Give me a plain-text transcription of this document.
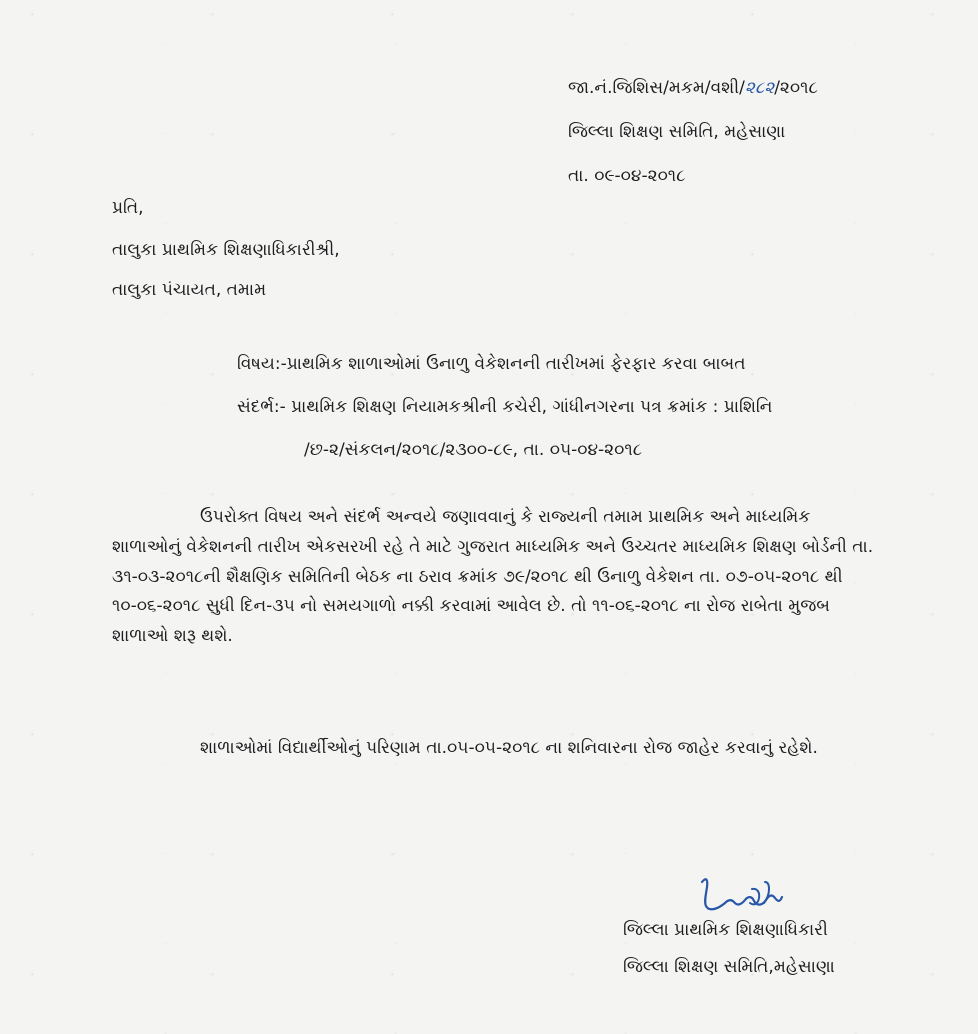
જા.નં.જિશિસ/મકમ/વશી/ ૨૮૨ /૨૦૧૮
જિલ્લા શિક્ષણ સમિતિ, મહેસાણા
તા. ૦૯-૦૪-૨૦૧૮
પ્રતિ,
તાલુકા પ્રાથમિક શિક્ષણાધિકારીશ્રી,
તાલુકા પંચાયત, તમામ
વિષય:-પ્રાથમિક શાળાઓમાં ઉનાળુ વેકેશનની તારીખમાં ફેરફાર કરવા બાબત
સંદર્ભ:- પ્રાથમિક શિક્ષણ નિયામકશ્રીની કચેરી, ગાંધીનગરના પત્ર ક્રમાંક : પ્રાશિનિ
/છ-૨/સંકલન/૨૦૧૮/૨૩૦૦-૮૯, તા. ૦૫-૦૪-૨૦૧૮
ઉપરોક્ત વિષય અને સંદર્ભ અન્વયે જણાવવાનું કે રાજ્યની તમામ પ્રાથમિક અને માધ્યમિક શાળાઓનું વેકેશનની તારીખ એકસરખી રહે તે માટે ગુજરાત માધ્યમિક અને ઉચ્ચતર માધ્યમિક શિક્ષણ બોર્ડની તા. ૩૧-૦૩-૨૦૧૮ની શૈક્ષણિક સમિતિની બેઠક ના ઠરાવ ક્રમાંક ૭૯/૨૦૧૮ થી ઉનાળુ વેકેશન તા. ૦૭-૦૫-૨૦૧૮ થી ૧૦-૦૬-૨૦૧૮ સુધી દિન-૩૫ નો સમયગાળો નક્કી કરવામાં આવેલ છે. તો ૧૧-૦૬-૨૦૧૮ ના રોજ રાબેતા મુજબ શાળાઓ શરૂ થશે.
શાળાઓમાં વિદ્યાર્થીઓનું પરિણામ તા.૦૫-૦૫-૨૦૧૮ ના શનિવારના રોજ જાહેર કરવાનું રહેશે.
જિલ્લા પ્રાથમિક શિક્ષણાધિકારી
જિલ્લા શિક્ષણ સમિતિ,મહેસાણા
